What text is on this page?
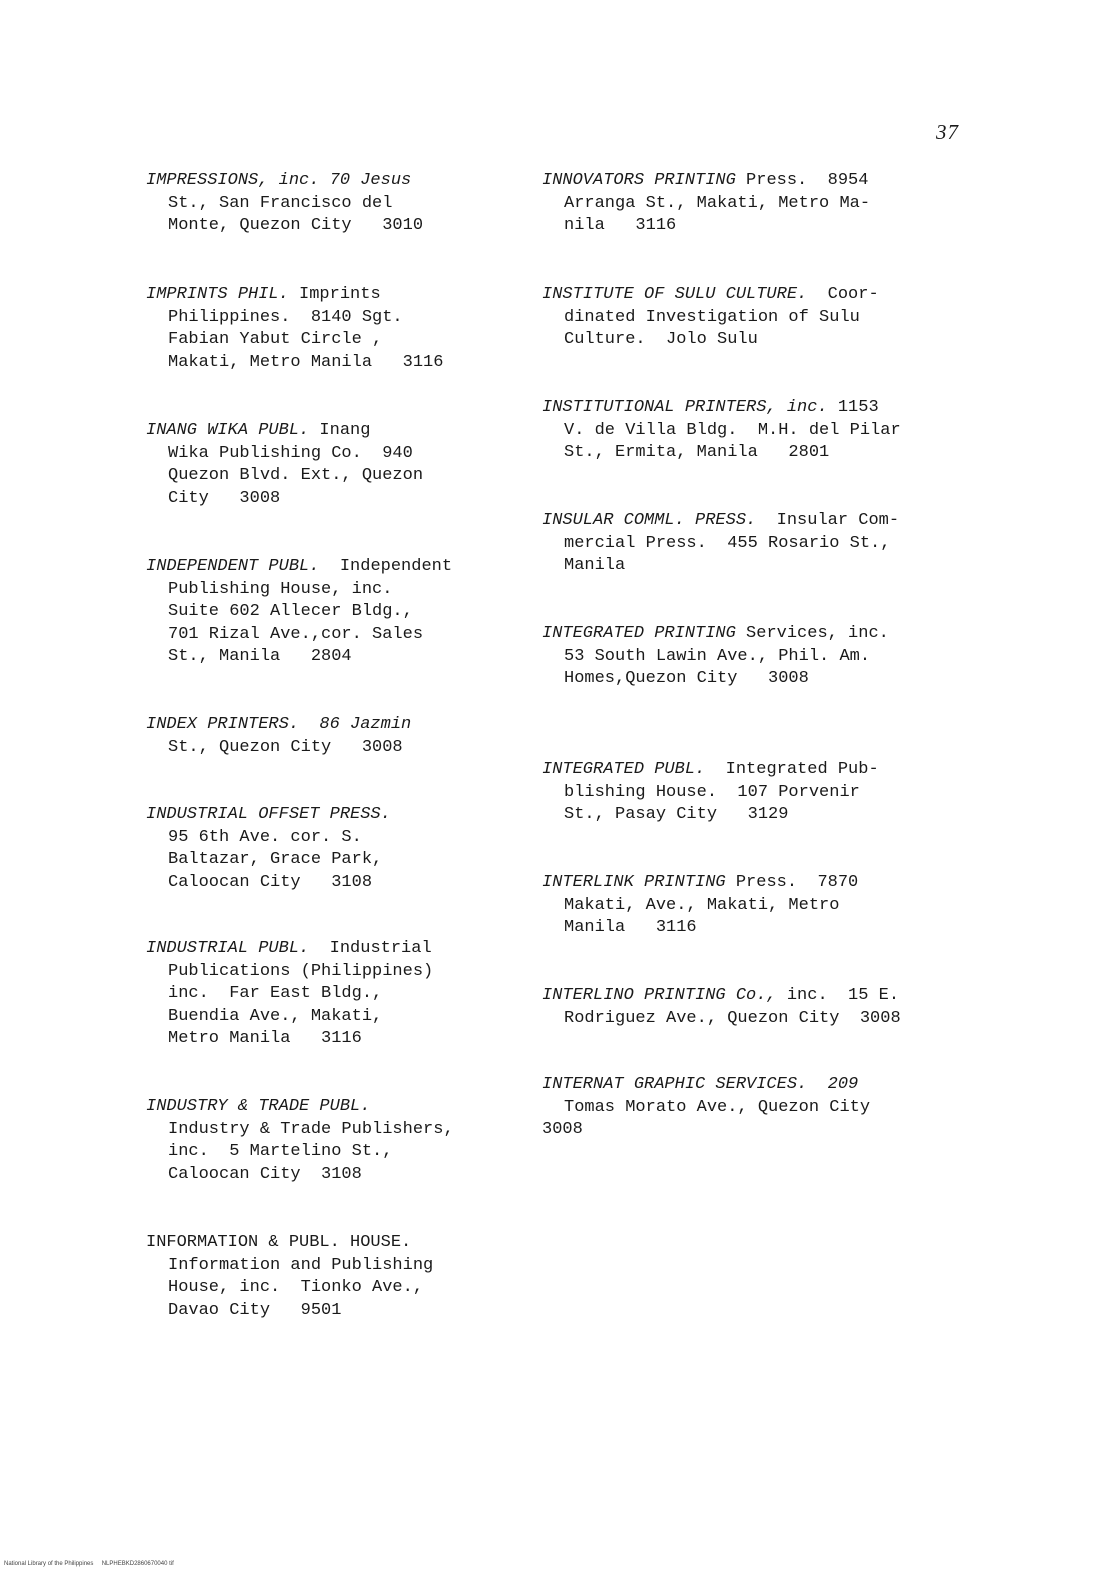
37

IMPRESSIONS, inc. 70 Jesus

St., San Francisco del

Monte, Quezon City   3010

IMPRINTS PHIL. Imprints

Philippines.  8140 Sgt.

Fabian Yabut Circle ,

Makati, Metro Manila   3116

INANG WIKA PUBL. Inang

Wika Publishing Co.  940

Quezon Blvd. Ext., Quezon

City   3008

INDEPENDENT PUBL.  Independent

Publishing House, inc.

Suite 602 Allecer Bldg.,

701 Rizal Ave.,cor. Sales

St., Manila   2804

INDEX PRINTERS.  86 Jazmin

St., Quezon City   3008

INDUSTRIAL OFFSET PRESS.

95 6th Ave. cor. S.

Baltazar, Grace Park,

Caloocan City   3108

INDUSTRIAL PUBL.  Industrial

Publications (Philippines)

inc.  Far East Bldg.,

Buendia Ave., Makati,

Metro Manila   3116

INDUSTRY & TRADE PUBL.

Industry & Trade Publishers,

inc.  5 Martelino St.,

Caloocan City  3108

INFORMATION & PUBL. HOUSE.

Information and Publishing

House, inc.  Tionko Ave.,

Davao City   9501

INNOVATORS PRINTING Press.  8954

Arranga St., Makati, Metro Ma-

nila   3116

INSTITUTE OF SULU CULTURE.  Coor-

dinated Investigation of Sulu

Culture.  Jolo Sulu

INSTITUTIONAL PRINTERS, inc. 1153

V. de Villa Bldg.  M.H. del Pilar

St., Ermita, Manila   2801

INSULAR COMML. PRESS.  Insular Com-

mercial Press.  455 Rosario St.,

Manila

INTEGRATED PRINTING Services, inc.

53 South Lawin Ave., Phil. Am.

Homes,Quezon City   3008

INTEGRATED PUBL.  Integrated Pub-

blishing House.  107 Porvenir

St., Pasay City   3129

INTERLINK PRINTING Press.  7870

Makati, Ave., Makati, Metro

Manila   3116

INTERLINO PRINTING Co., inc.  15 E.

Rodriguez Ave., Quezon City  3008

INTERNAT GRAPHIC SERVICES.  209

Tomas Morato Ave., Quezon City

3008

National Library of the Philippines     NLPHEBKD2860670040 tif
